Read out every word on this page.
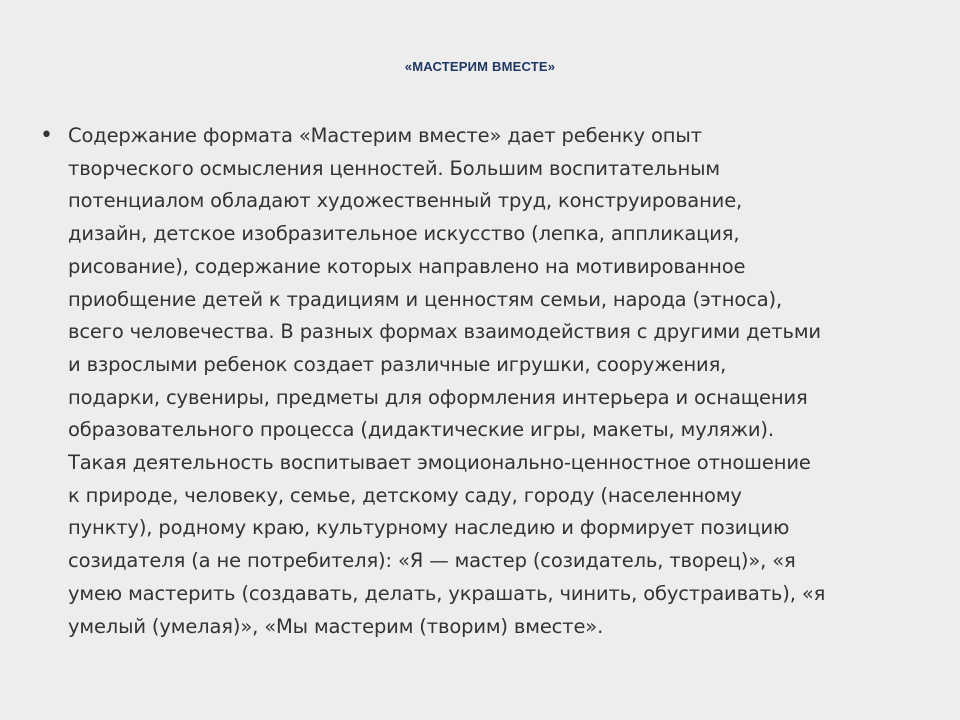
«МАСТЕРИМ ВМЕСТЕ»
• Содержание формата «Мастерим вместе» дает ребенку опыт
творческого осмысления ценностей. Большим воспитательным
потенциалом обладают художественный труд, конструирование,
дизайн, детское изобразительное искусство (лепка, аппликация,
рисование), содержание которых направлено на мотивированное
приобщение детей к традициям и ценностям семьи, народа (этноса),
всего человечества. В разных формах взаимодействия с другими детьми
и взрослыми ребенок создает различные игрушки, сооружения,
подарки, сувениры, предметы для оформления интерьера и оснащения
образовательного процесса (дидактические игры, макеты, муляжи).
Такая деятельность воспитывает эмоционально-ценностное отношение
к природе, человеку, семье, детскому саду, городу (населенному
пункту), родному краю, культурному наследию и формирует позицию
созидателя (а не потребителя): «Я — мастер (созидатель, творец)», «я
умею мастерить (создавать, делать, украшать, чинить, обустраивать), «я
умелый (умелая)», «Мы мастерим (творим) вместе».
